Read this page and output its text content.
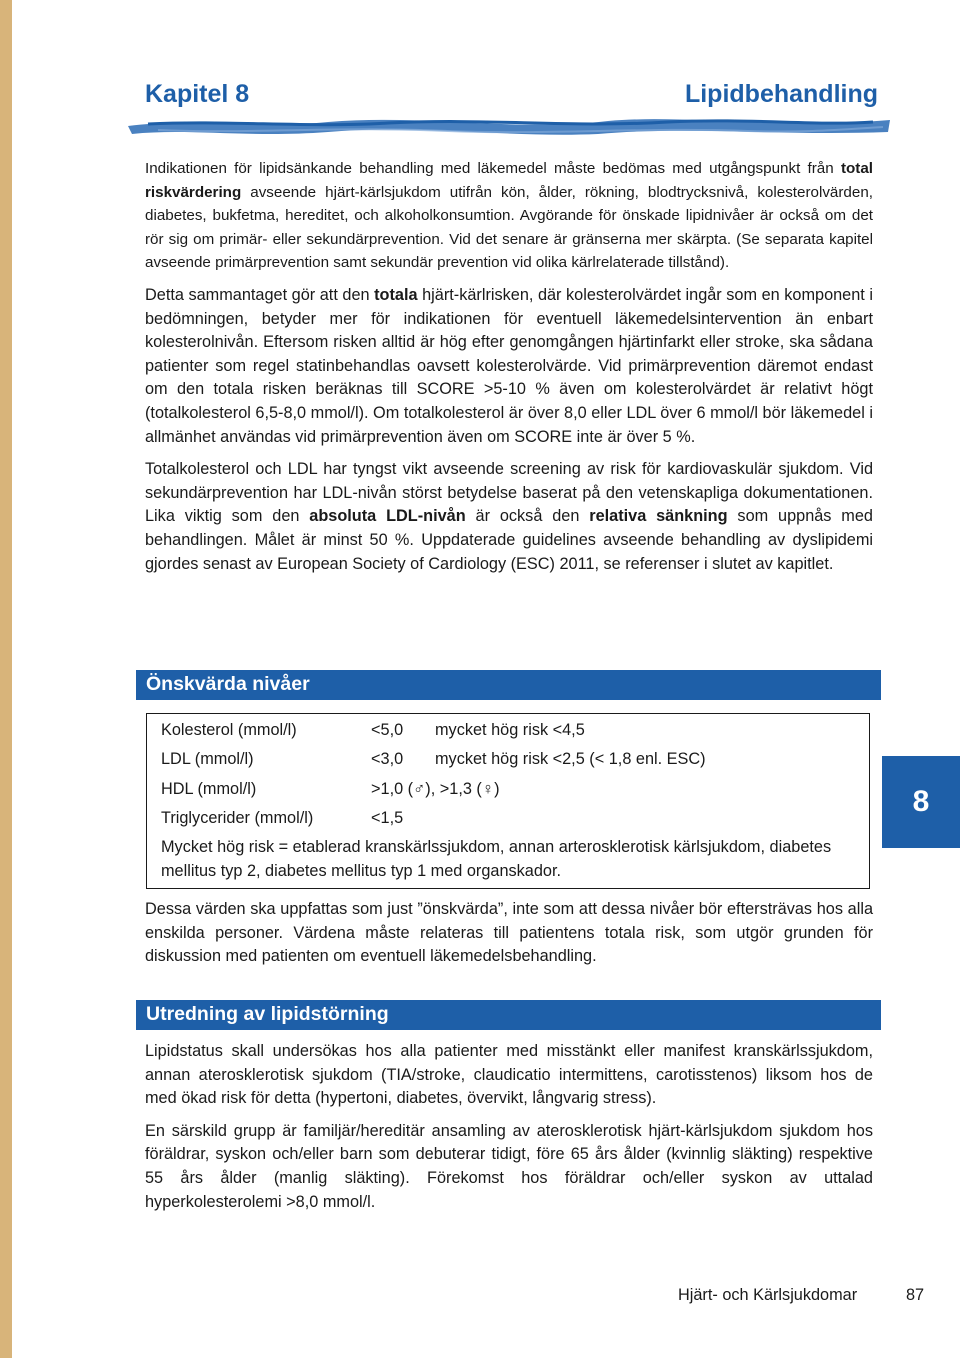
Kapitel 8	Lipidbehandling

Indikationen för lipidsänkande behandling med läkemedel måste bedömas med utgångspunkt från total riskvärdering avseende hjärt-kärlsjukdom utifrån kön, ålder, rökning, blodtrycksnivå, kolesterolvärden, diabetes, bukfetma, hereditet, och alkoholkonsumtion. Avgörande för önskade lipidnivåer är också om det rör sig om primär- eller sekundärprevention. Vid det senare är gränserna mer skärpta. (Se separata kapitel avseende primärprevention samt sekundär prevention vid olika kärlrelaterade tillstånd).

Detta sammantaget gör att den totala hjärt-kärlrisken, där kolesterolvärdet ingår som en komponent i bedömningen, betyder mer för indikationen för eventuell läkemedelsintervention än enbart kolesterolnivån. Eftersom risken alltid är hög efter genomgången hjärtinfarkt eller stroke, ska sådana patienter som regel statinbehandlas oavsett kolesterolvärde. Vid primärprevention däremot endast om den totala risken beräknas till SCORE >5-10 % även om kolesterolvärdet är relativt högt (totalkolesterol 6,5-8,0 mmol/l). Om totalkolesterol är över 8,0 eller LDL över 6 mmol/l bör läkemedel i allmänhet användas vid primärprevention även om SCORE inte är över 5 %.

Totalkolesterol och LDL har tyngst vikt avseende screening av risk för kardiovaskulär sjukdom. Vid sekundärprevention har LDL-nivån störst betydelse baserat på den vetenskapliga dokumentationen. Lika viktig som den absoluta LDL-nivån är också den relativa sänkning som uppnås med behandlingen. Målet är minst 50 %. Uppdaterade guidelines avseende behandling av dyslipidemi gjordes senast av European Society of Cardiology (ESC) 2011, se referenser i slutet av kapitlet.

Önskvärda nivåer
Kolesterol (mmol/l)	<5,0 mycket hög risk <4,5
LDL (mmol/l)	<3,0 mycket hög risk <2,5 (< 1,8 enl. ESC)
HDL (mmol/l)	>1,0 (♂), >1,3 (♀)
Triglycerider (mmol/l)	<1,5
Mycket hög risk = etablerad kranskärlssjukdom, annan arterosklerotisk kärlsjukdom, diabetes mellitus typ 2, diabetes mellitus typ 1 med organskador.

Dessa värden ska uppfattas som just ”önskvärda”, inte som att dessa nivåer bör eftersträvas hos alla enskilda personer. Värdena måste relateras till patientens totala risk, som utgör grunden för diskussion med patienten om eventuell läkemedelsbehandling.

Utredning av lipidstörning

Lipidstatus skall undersökas hos alla patienter med misstänkt eller manifest kranskärlssjukdom, annan aterosklerotisk sjukdom (TIA/stroke, claudicatio intermittens, carotisstenos) liksom hos de med ökad risk för detta (hypertoni, diabetes, övervikt, långvarig stress).

En särskild grupp är familjär/hereditär ansamling av aterosklerotisk hjärt-kärlsjukdom sjukdom hos föräldrar, syskon och/eller barn som debuterar tidigt, före 65 års ålder (kvinnlig släkting) respektive 55 års ålder (manlig släkting). Förekomst hos föräldrar och/eller syskon av uttalad hyperkolesterolemi >8,0 mmol/l.

8
Hjärt- och Kärlsjukdomar	87
